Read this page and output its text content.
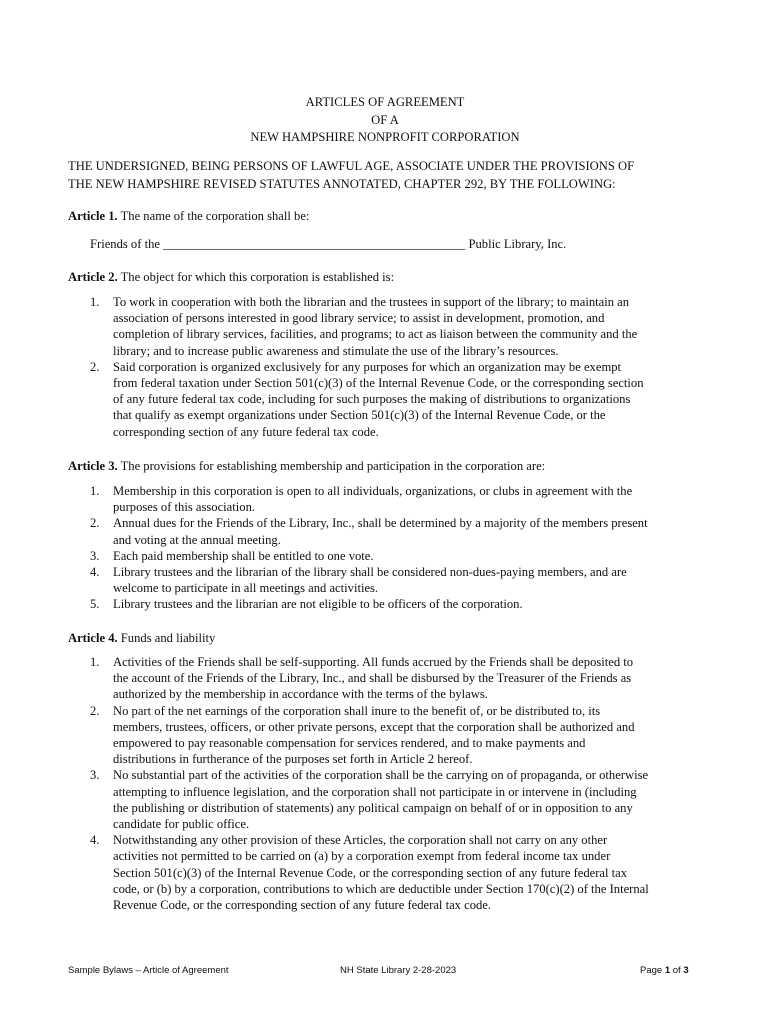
ARTICLES OF AGREEMENT
OF A
NEW HAMPSHIRE NONPROFIT CORPORATION
THE UNDERSIGNED, BEING PERSONS OF LAWFUL AGE, ASSOCIATE UNDER THE PROVISIONS OF
THE NEW HAMPSHIRE REVISED STATUTES ANNOTATED, CHAPTER 292, BY THE FOLLOWING:
Article 1. The name of the corporation shall be:
Friends of the ________________________________________________ Public Library, Inc.
Article 2. The object for which this corporation is established is:
1. To work in cooperation with both the librarian and the trustees in support of the library; to maintain an
association of persons interested in good library service; to assist in development, promotion, and
completion of library services, facilities, and programs; to act as liaison between the community and the
library; and to increase public awareness and stimulate the use of the library’s resources.
2. Said corporation is organized exclusively for any purposes for which an organization may be exempt
from federal taxation under Section 501(c)(3) of the Internal Revenue Code, or the corresponding section
of any future federal tax code, including for such purposes the making of distributions to organizations
that qualify as exempt organizations under Section 501(c)(3) of the Internal Revenue Code, or the
corresponding section of any future federal tax code.
Article 3. The provisions for establishing membership and participation in the corporation are:
1. Membership in this corporation is open to all individuals, organizations, or clubs in agreement with the
purposes of this association.
2. Annual dues for the Friends of the Library, Inc., shall be determined by a majority of the members present
and voting at the annual meeting.
3. Each paid membership shall be entitled to one vote.
4. Library trustees and the librarian of the library shall be considered non-dues-paying members, and are
welcome to participate in all meetings and activities.
5. Library trustees and the librarian are not eligible to be officers of the corporation.
Article 4. Funds and liability
1. Activities of the Friends shall be self-supporting. All funds accrued by the Friends shall be deposited to
the account of the Friends of the Library, Inc., and shall be disbursed by the Treasurer of the Friends as
authorized by the membership in accordance with the terms of the bylaws.
2. No part of the net earnings of the corporation shall inure to the benefit of, or be distributed to, its
members, trustees, officers, or other private persons, except that the corporation shall be authorized and
empowered to pay reasonable compensation for services rendered, and to make payments and
distributions in furtherance of the purposes set forth in Article 2 hereof.
3. No substantial part of the activities of the corporation shall be the carrying on of propaganda, or otherwise
attempting to influence legislation, and the corporation shall not participate in or intervene in (including
the publishing or distribution of statements) any political campaign on behalf of or in opposition to any
candidate for public office.
4. Notwithstanding any other provision of these Articles, the corporation shall not carry on any other
activities not permitted to be carried on (a) by a corporation exempt from federal income tax under
Section 501(c)(3) of the Internal Revenue Code, or the corresponding section of any future federal tax
code, or (b) by a corporation, contributions to which are deductible under Section 170(c)(2) of the Internal
Revenue Code, or the corresponding section of any future federal tax code.
Sample Bylaws – Article of Agreement	NH State Library 2-28-2023	Page 1 of 3
